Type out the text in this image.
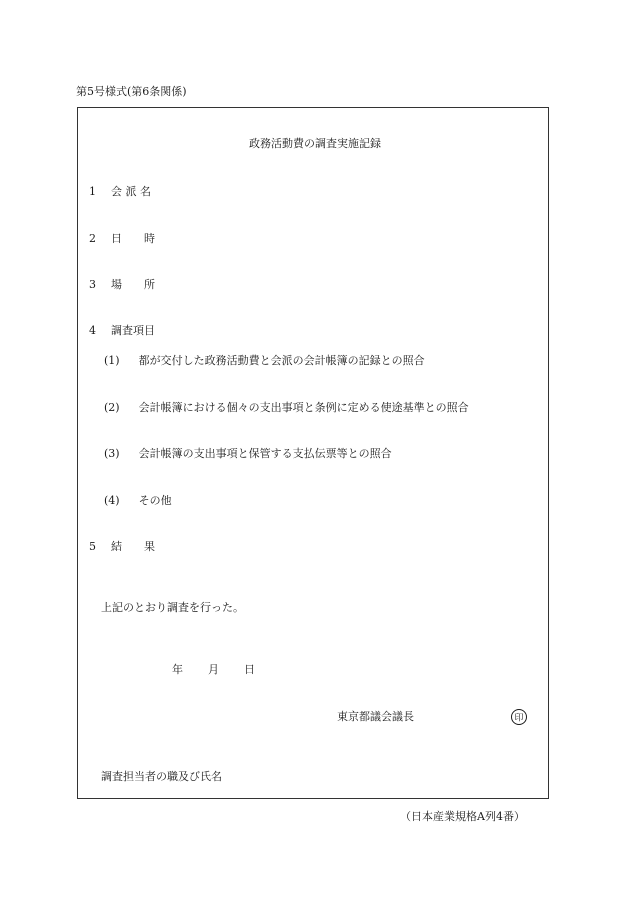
第5号様式(第6条関係)
政務活動費の調査実施記録
1 会 派 名
2 日　　時
3 場　　所
4 調査項目
(1) 都が交付した政務活動費と会派の会計帳簿の記録との照合
(2) 会計帳簿における個々の支出事項と条例に定める使途基準との照合
(3) 会計帳簿の支出事項と保管する支払伝票等との照合
(4) その他
5 結　　果
上記のとおり調査を行った。
年 月 日
東京都議会議長	印
調査担当者の職及び氏名
（日本産業規格A列4番）
